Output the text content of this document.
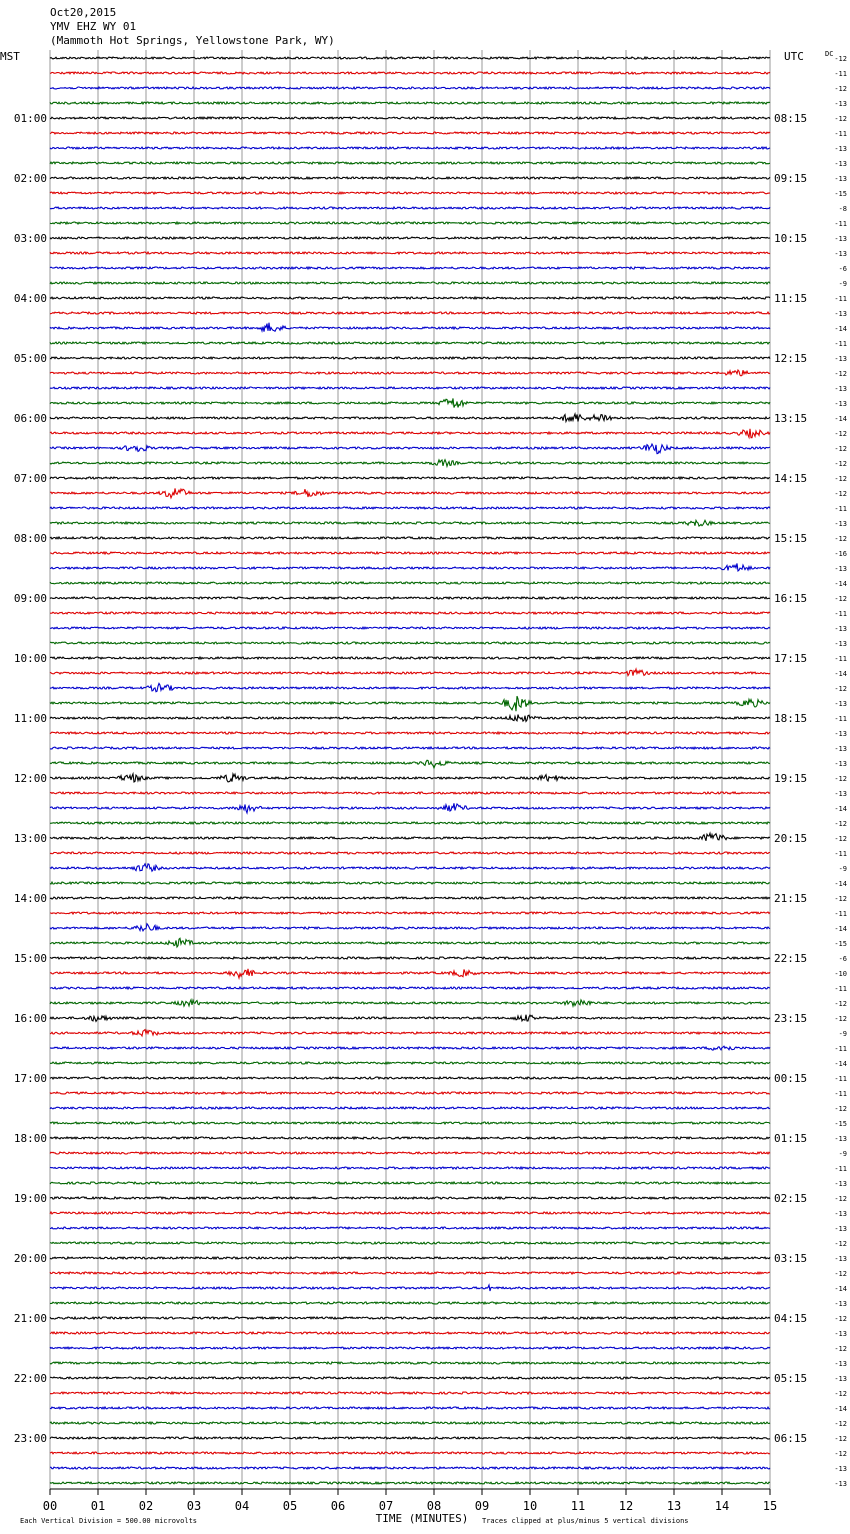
01:00	08:15
02:00	09:15
03:00	10:15
04:00	11:15
05:00	12:15
06:00	13:15
07:00	14:15
08:00	15:15
09:00	16:15
10:00	17:15
11:00	18:15
12:00	19:15
13:00	20:15
14:00	21:15
15:00	22:15
16:00	23:15
17:00	00:15
18:00	01:15
19:00	02:15
20:00	03:15
21:00	04:15
22:00	05:15
23:00	06:15
-12
-11
-12
-13
-12
-11
-13
-13
-13
-15
-8
-11
-13
-13
-6
-9
-11
-13
-14
-11
-13
-12
-13
-13
-14
-12
-12
-12
-12
-12
-11
-13
-12
-16
-13
-14
-12
-11
-13
-13
-11
-14
-12
-13
-11
-13
-13
-13
-12
-13
-14
-12
-12
-11
-9
-14
-12
-11
-14
-15
-6
-10
-11
-12
-12
-9
-11
-14
-11
-11
-12
-15
-13
-9
-11
-13
-12
-13
-13
-12
-13
-12
-14
-13
-12
-13
-12
-13
-13
-12
-14
-12
-12
-12
-13
-13
00	01	02	03	04	05	06	07	08	09	10	11	12	13	14	15
MST	UTC	DC
TIME (MINUTES)
Each Vertical Division = 500.00 microvolts	Traces clipped at plus/minus 5 vertical divisions
Oct20,2015
YMV EHZ WY 01
(Mammoth Hot Springs, Yellowstone Park, WY)
